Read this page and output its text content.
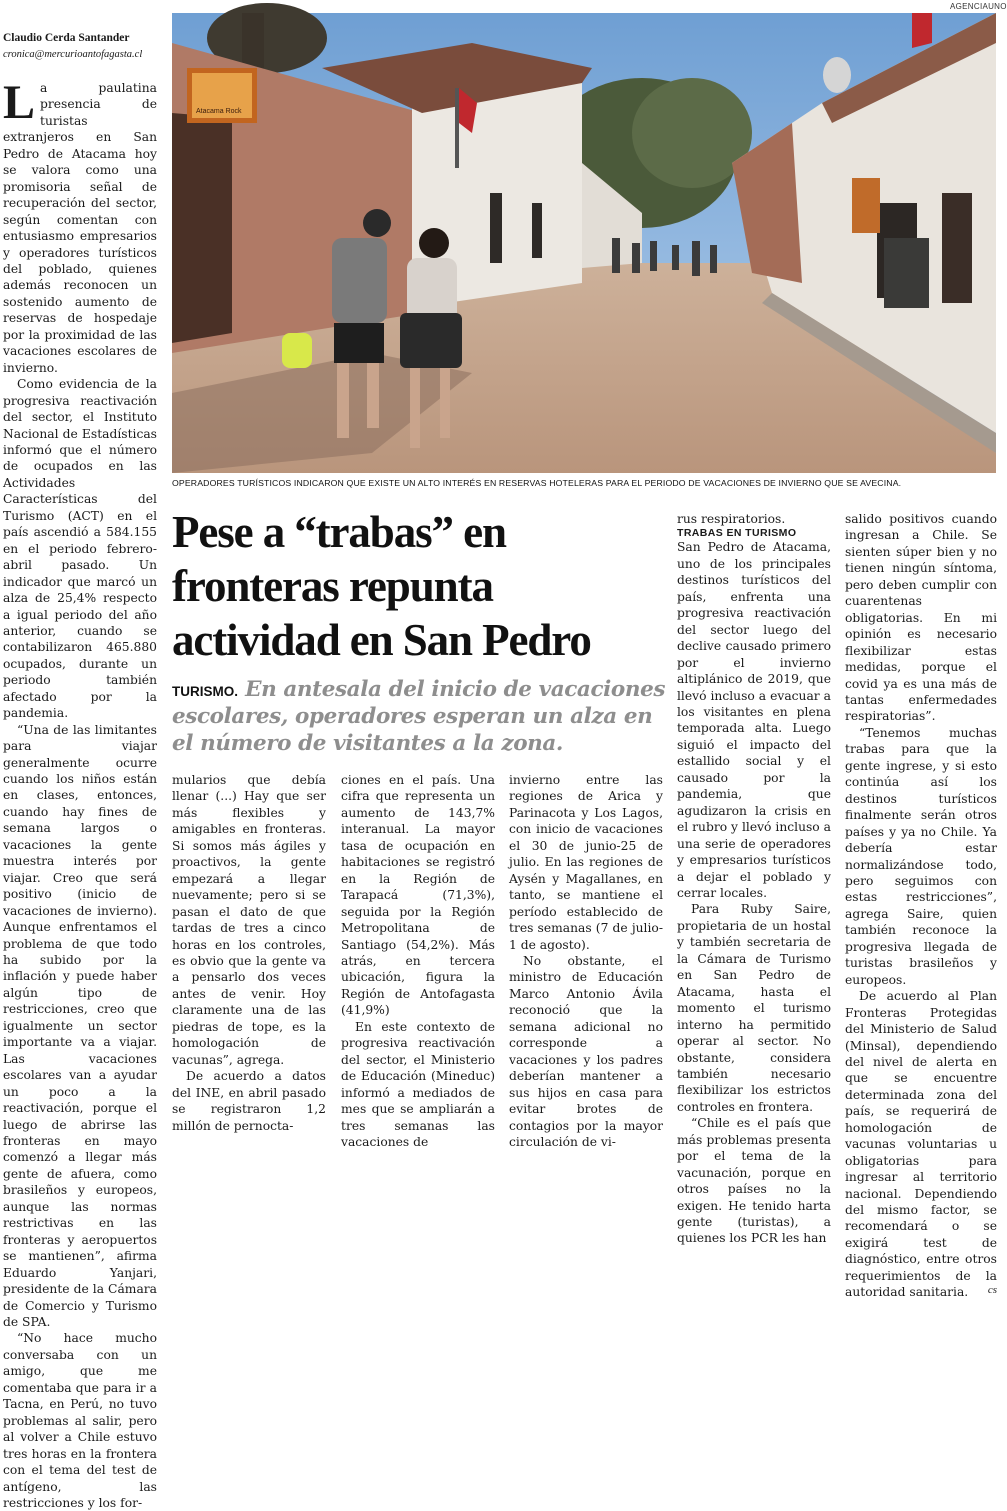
Claudio Cerda Santander
cronica@mercurioantofagasta.cl

La paulatina presencia de turistas extranjeros en San Pedro de Atacama hoy se valora como una promisoria señal de recuperación del sector, según comentan con entusiasmo empresarios y operadores turísticos del poblado, quienes además reconocen un sostenido aumento de reservas de hospedaje por la proximidad de las vacaciones escolares de invierno.

Como evidencia de la progresiva reactivación del sector, el Instituto Nacional de Estadísticas informó que el número de ocupados en las Actividades Características del Turismo (ACT) en el país ascendió a 584.155 en el periodo febrero-abril pasado. Un indicador que marcó un alza de 25,4% respecto a igual periodo del año anterior, cuando se contabilizaron 465.880 ocupados, durante un periodo también afectado por la pandemia.

“Una de las limitantes para viajar generalmente ocurre cuando los niños están en clases, entonces, cuando hay fines de semana largos o vacaciones la gente muestra interés por viajar. Creo que será positivo (inicio de vacaciones de invierno). Aunque enfrentamos el problema de que todo ha subido por la inflación y puede haber algún tipo de restricciones, creo que igualmente un sector importante va a viajar. Las vacaciones escolares van a ayudar un poco a la reactivación, porque el luego de abrirse las fronteras en mayo comenzó a llegar más gente de afuera, como brasileños y europeos, aunque las normas restrictivas en las fronteras y aeropuertos se mantienen”, afirma Eduardo Yanjari, presidente de la Cámara de Comercio y Turismo de SPA.

“No hace mucho conversaba con un amigo, que me comentaba que para ir a Tacna, en Perú, no tuvo problemas al salir, pero al volver a Chile estuvo tres horas en la frontera con el tema del test de antígeno, las restricciones y los for-

AGENCIAUNO
Atacama Rock
OPERADORES TURÍSTICOS INDICARON QUE EXISTE UN ALTO INTERÉS EN RESERVAS HOTELERAS PARA EL PERIODO DE VACACIONES DE INVIERNO QUE SE AVECINA.
Pese a “trabas” en fronteras repunta actividad en San Pedro

TURISMO. En antesala del inicio de vacaciones escolares, operadores esperan un alza en el número de visitantes a la zona.

mularios que debía llenar (...) Hay que ser más flexibles y amigables en fronteras. Si somos más ágiles y proactivos, la gente empezará a llegar nuevamente; pero si se pasan el dato de que tardas de tres a cinco horas en los controles, es obvio que la gente va a pensarlo dos veces antes de venir. Hoy claramente una de las piedras de tope, es la homologación de vacunas”, agrega.

De acuerdo a datos del INE, en abril pasado se registraron 1,2 millón de pernocta-

ciones en el país. Una cifra que representa un aumento de 143,7% interanual. La mayor tasa de ocupación en habitaciones se registró en la Región de Tarapacá (71,3%), seguida por la Región Metropolitana de Santiago (54,2%). Más atrás, en tercera ubicación, figura la Región de Antofagasta (41,9%)

En este contexto de progresiva reactivación del sector, el Ministerio de Educación (Mineduc) informó a mediados de mes que se ampliarán a tres semanas las vacaciones de

invierno entre las regiones de Arica y Parinacota y Los Lagos, con inicio de vacaciones el 30 de junio-25 de julio. En las regiones de Aysén y Magallanes, en tanto, se mantiene el período establecido de tres semanas (7 de julio-1 de agosto).

No obstante, el ministro de Educación Marco Antonio Ávila reconoció que la semana adicional no corresponde a vacaciones y los padres deberían mantener a sus hijos en casa para evitar brotes de contagios por la mayor circulación de vi-

rus respiratorios.

TRABAS EN TURISMO

San Pedro de Atacama, uno de los principales destinos turísticos del país, enfrenta una progresiva reactivación del sector luego del declive causado primero por el invierno altiplánico de 2019, que llevó incluso a evacuar a los visitantes en plena temporada alta. Luego siguió el impacto del estallido social y el causado por la pandemia, que agudizaron la crisis en el rubro y llevó incluso a una serie de operadores y empresarios turísticos a dejar el poblado y cerrar locales.

Para Ruby Saire, propietaria de un hostal y también secretaria de la Cámara de Turismo en San Pedro de Atacama, hasta el momento el turismo interno ha permitido operar al sector. No obstante, considera también necesario flexibilizar los estrictos controles en frontera.

“Chile es el país que más problemas presenta por el tema de la vacunación, porque en otros países no la exigen. He tenido harta gente (turistas), a quienes los PCR les han

salido positivos cuando ingresan a Chile. Se sienten súper bien y no tienen ningún síntoma, pero deben cumplir con cuarentenas obligatorias. En mi opinión es necesario flexibilizar estas medidas, porque el covid ya es una más de tantas enfermedades respiratorias”.

“Tenemos muchas trabas para que la gente ingrese, y si esto continúa así los destinos turísticos finalmente serán otros países y ya no Chile. Ya debería estar normalizándose todo, pero seguimos con estas restricciones”, agrega Saire, quien también reconoce la progresiva llegada de turistas brasileños y europeos.

De acuerdo al Plan Fronteras Protegidas del Ministerio de Salud (Minsal), dependiendo del nivel de alerta en que se encuentre determinada zona del país, se requerirá de homologación de vacunas voluntarias u obligatorias para ingresar al territorio nacional. Dependiendo del mismo factor, se recomendará o se exigirá test de diagnóstico, entre otros requerimientos de la autoridad sanitaria.	cs
